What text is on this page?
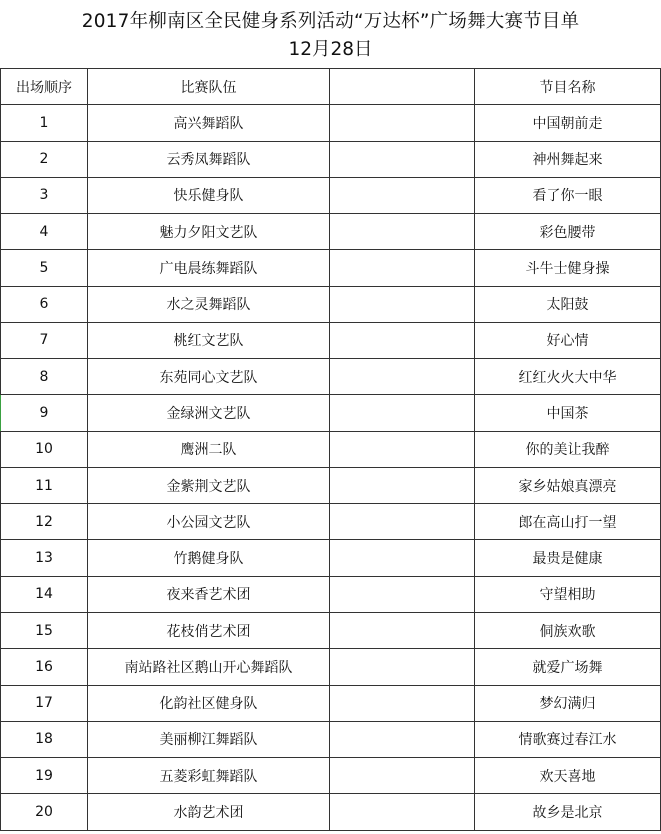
2017年柳南区全民健身系列活动“万达杯”广场舞大赛节目单
12月28日
出场顺序	比赛队伍		节目名称
1	高兴舞蹈队		中国朝前走
2	云秀凤舞蹈队		神州舞起来
3	快乐健身队		看了你一眼
4	魅力夕阳文艺队		彩色腰带
5	广电晨练舞蹈队		斗牛士健身操
6	水之灵舞蹈队		太阳鼓
7	桃红文艺队		好心情
8	东苑同心文艺队		红红火火大中华
9	金绿洲文艺队		中国茶
10	鹰洲二队		你的美让我醉
11	金紫荆文艺队		家乡姑娘真漂亮
12	小公园文艺队		郎在高山打一望
13	竹鹅健身队		最贵是健康
14	夜来香艺术团		守望相助
15	花枝俏艺术团		侗族欢歌
16	南站路社区鹅山开心舞蹈队		就爱广场舞
17	化韵社区健身队		梦幻满归
18	美丽柳江舞蹈队		情歌赛过春江水
19	五菱彩虹舞蹈队		欢天喜地
20	水韵艺术团		故乡是北京
